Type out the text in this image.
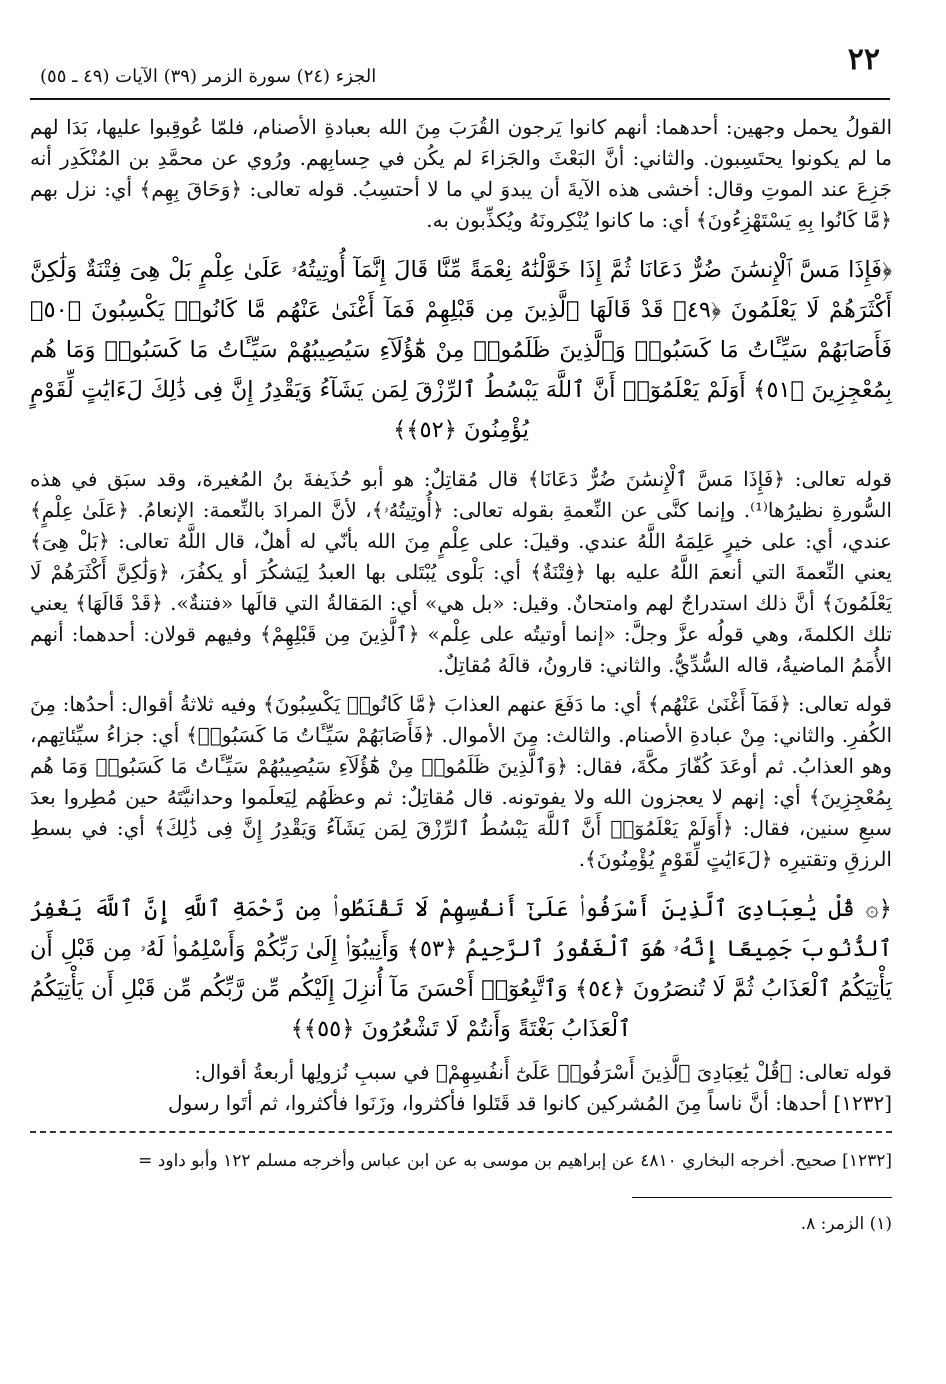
٢٢
الجزء (٢٤) سورة الزمر (٣٩) الآيات (٤٩ ـ ٥٥)

القولُ يحمل وجهين: أحدهما: أنهم كانوا يَرجون القُرَبَ مِنَ الله بعبادةِ الأصنام، فلمّا عُوقِبوا عليها، بَدَا لهم ما لم يكونوا يحتَسِبون. والثاني: أنَّ البَعْثَ والجَزاءَ لم يكُن في حِسابِهم. ورُوي عن محمَّدِ بن المُنْكَدِر أنه جَزِعَ عند الموتِ وقال: أخشى هذه الآيةَ أن يبدوَ لي ما لا أحتسِبُ. قوله تعالى: ﴿وَحَاقَ بِهِم﴾ أي: نزل بهم ﴿مَّا كَانُوا بِهِ يَسْتَهْزِءُونَ﴾ أي: ما كانوا يُنْكِرونَهُ ويُكذِّبون به.

﴿فَإِذَا مَسَّ ٱلْإِنسَٰنَ ضُرٌّ دَعَانَا ثُمَّ إِذَا خَوَّلْنَٰهُ نِعْمَةً مِّنَّا قَالَ إِنَّمَآ أُوتِيتُهُۥ عَلَىٰ عِلْمٍ بَلْ هِىَ فِتْنَةٌ وَلَٰكِنَّ أَكْثَرَهُمْ لَا يَعْلَمُونَ ﴿٤٩﴾ قَدْ قَالَهَا ٱلَّذِينَ مِن قَبْلِهِمْ فَمَآ أَغْنَىٰ عَنْهُم مَّا كَانُوا۟ يَكْسِبُونَ ﴿٥٠﴾ فَأَصَابَهُمْ سَيِّـَٔاتُ مَا كَسَبُوا۟ وَٱلَّذِينَ ظَلَمُوا۟ مِنْ هَٰٓؤُلَآءِ سَيُصِيبُهُمْ سَيِّـَٔاتُ مَا كَسَبُوا۟ وَمَا هُم بِمُعْجِزِينَ ﴿٥١﴾ أَوَلَمْ يَعْلَمُوٓا۟ أَنَّ ٱللَّهَ يَبْسُطُ ٱلرِّزْقَ لِمَن يَشَآءُ وَيَقْدِرُ إِنَّ فِى ذَٰلِكَ لَءَايَٰتٍ لِّقَوْمٍ يُؤْمِنُونَ ﴿٥٢﴾﴾

قوله تعالى: ﴿فَإِذَا مَسَّ ٱلْإِنسَٰنَ ضُرٌّ دَعَانَا﴾ قال مُقاتِلٌ: هو أبو حُذَيفةَ بنُ المُغيرة، وقد سبَق في هذه السُّورةِ نظيرُها⁽¹⁾. وإنما كنَّى عن النِّعمةِ بقوله تعالى: ﴿أُوتِيتُهُۥ﴾، لأنَّ المرادَ بالنِّعمة: الإنعامُ. ﴿عَلَىٰ عِلْمٍ﴾ عندي، أي: على خيرٍ عَلِمَهُ اللَّهُ عندي. وقيلَ: على عِلْمٍ مِنَ الله بأنّي له أهلٌ، قال اللَّهُ تعالى: ﴿بَلْ هِىَ﴾ يعني النِّعمةَ التي أنعمَ اللَّهُ عليه بها ﴿فِتْنَةٌ﴾ أي: بَلْوى يُبْتَلى بها العبدُ لِيَشكُرَ أو يكفُرَ، ﴿وَلَٰكِنَّ أَكْثَرَهُمْ لَا يَعْلَمُونَ﴾ أنَّ ذلك استدراجٌ لهم وامتحانٌ. وقيل: «بل هي» أي: المَقالةُ التي قالَها «فتنةٌ». ﴿قَدْ قَالَهَا﴾ يعني تلك الكلمةَ، وهي قولُه عزَّ وجلَّ: «إنما أوتيتُه على عِلْم» ﴿ٱلَّذِينَ مِن قَبْلِهِمْ﴾ وفيهم قولان: أحدهما: أنهم الأُمَمُ الماضيةُ، قاله السُّدِّيُّ. والثاني: قارونُ، قالَهُ مُقاتِلٌ.

قوله تعالى: ﴿فَمَآ أَغْنَىٰ عَنْهُم﴾ أي: ما دَفَعَ عنهم العذابَ ﴿مَّا كَانُوا۟ يَكْسِبُونَ﴾ وفيه ثلاثةُ أقوال: أحدُها: مِنَ الكُفرِ. والثاني: مِنْ عبادةِ الأصنام. والثالث: مِنَ الأموال. ﴿فَأَصَابَهُمْ سَيِّـَٔاتُ مَا كَسَبُوا۟﴾ أي: جزاءُ سيِّئاتِهم، وهو العذابُ. ثم أوعَدَ كُفّارَ مكَّةَ، فقال: ﴿وَٱلَّذِينَ ظَلَمُوا۟ مِنْ هَٰٓؤُلَآءِ سَيُصِيبُهُمْ سَيِّـَٔاتُ مَا كَسَبُوا۟ وَمَا هُم بِمُعْجِزِينَ﴾ أي: إنهم لا يعجزون الله ولا يفوتونه. قال مُقاتِلٌ: ثم وعظَهُم لِيَعلَموا وحدانيَّتَهُ حين مُطِروا بعدَ سبعِ سنين، فقال: ﴿أَوَلَمْ يَعْلَمُوٓا۟ أَنَّ ٱللَّهَ يَبْسُطُ ٱلرِّزْقَ لِمَن يَشَآءُ وَيَقْدِرُ إِنَّ فِى ذَٰلِكَ﴾ أي: في بسطِ الرزقِ وتقتيرِه ﴿لَءَايَٰتٍ لِّقَوْمٍ يُؤْمِنُونَ﴾.

﴿۞ قُلْ يَٰعِبَادِىَ ٱلَّذِينَ أَسْرَفُوا۟ عَلَىٰٓ أَنفُسِهِمْ لَا تَقْنَطُوا۟ مِن رَّحْمَةِ ٱللَّهِ إِنَّ ٱللَّهَ يَغْفِرُ ٱلذُّنُوبَ جَمِيعًا إِنَّهُۥ هُوَ ٱلْغَفُورُ ٱلرَّحِيمُ ﴿٥٣﴾ وَأَنِيبُوٓا۟ إِلَىٰ رَبِّكُمْ وَأَسْلِمُوا۟ لَهُۥ مِن قَبْلِ أَن يَأْتِيَكُمُ ٱلْعَذَابُ ثُمَّ لَا تُنصَرُونَ ﴿٥٤﴾ وَٱتَّبِعُوٓا۟ أَحْسَنَ مَآ أُنزِلَ إِلَيْكُم مِّن رَّبِّكُم مِّن قَبْلِ أَن يَأْتِيَكُمُ ٱلْعَذَابُ بَغْتَةً وَأَنتُمْ لَا تَشْعُرُونَ ﴿٥٥﴾﴾

قوله تعالى: ﴿قُلْ يَٰعِبَادِىَ ٱلَّذِينَ أَسْرَفُوا۟ عَلَىٰٓ أَنفُسِهِمْ﴾ في سببِ نُزولِها أربعةُ أقوال:

[١٢٣٢] أحدها: أنَّ ناساً مِنَ المُشركين كانوا قد قَتَلوا فأكثروا، وزَنَوا فأكثروا، ثم أتَوا رسول

[١٢٣٢] صحيح. أخرجه البخاري ٤٨١٠ عن إبراهيم بن موسى به عن ابن عباس وأخرجه مسلم ١٢٢ وأبو داود =

(١) الزمر: ٨.
